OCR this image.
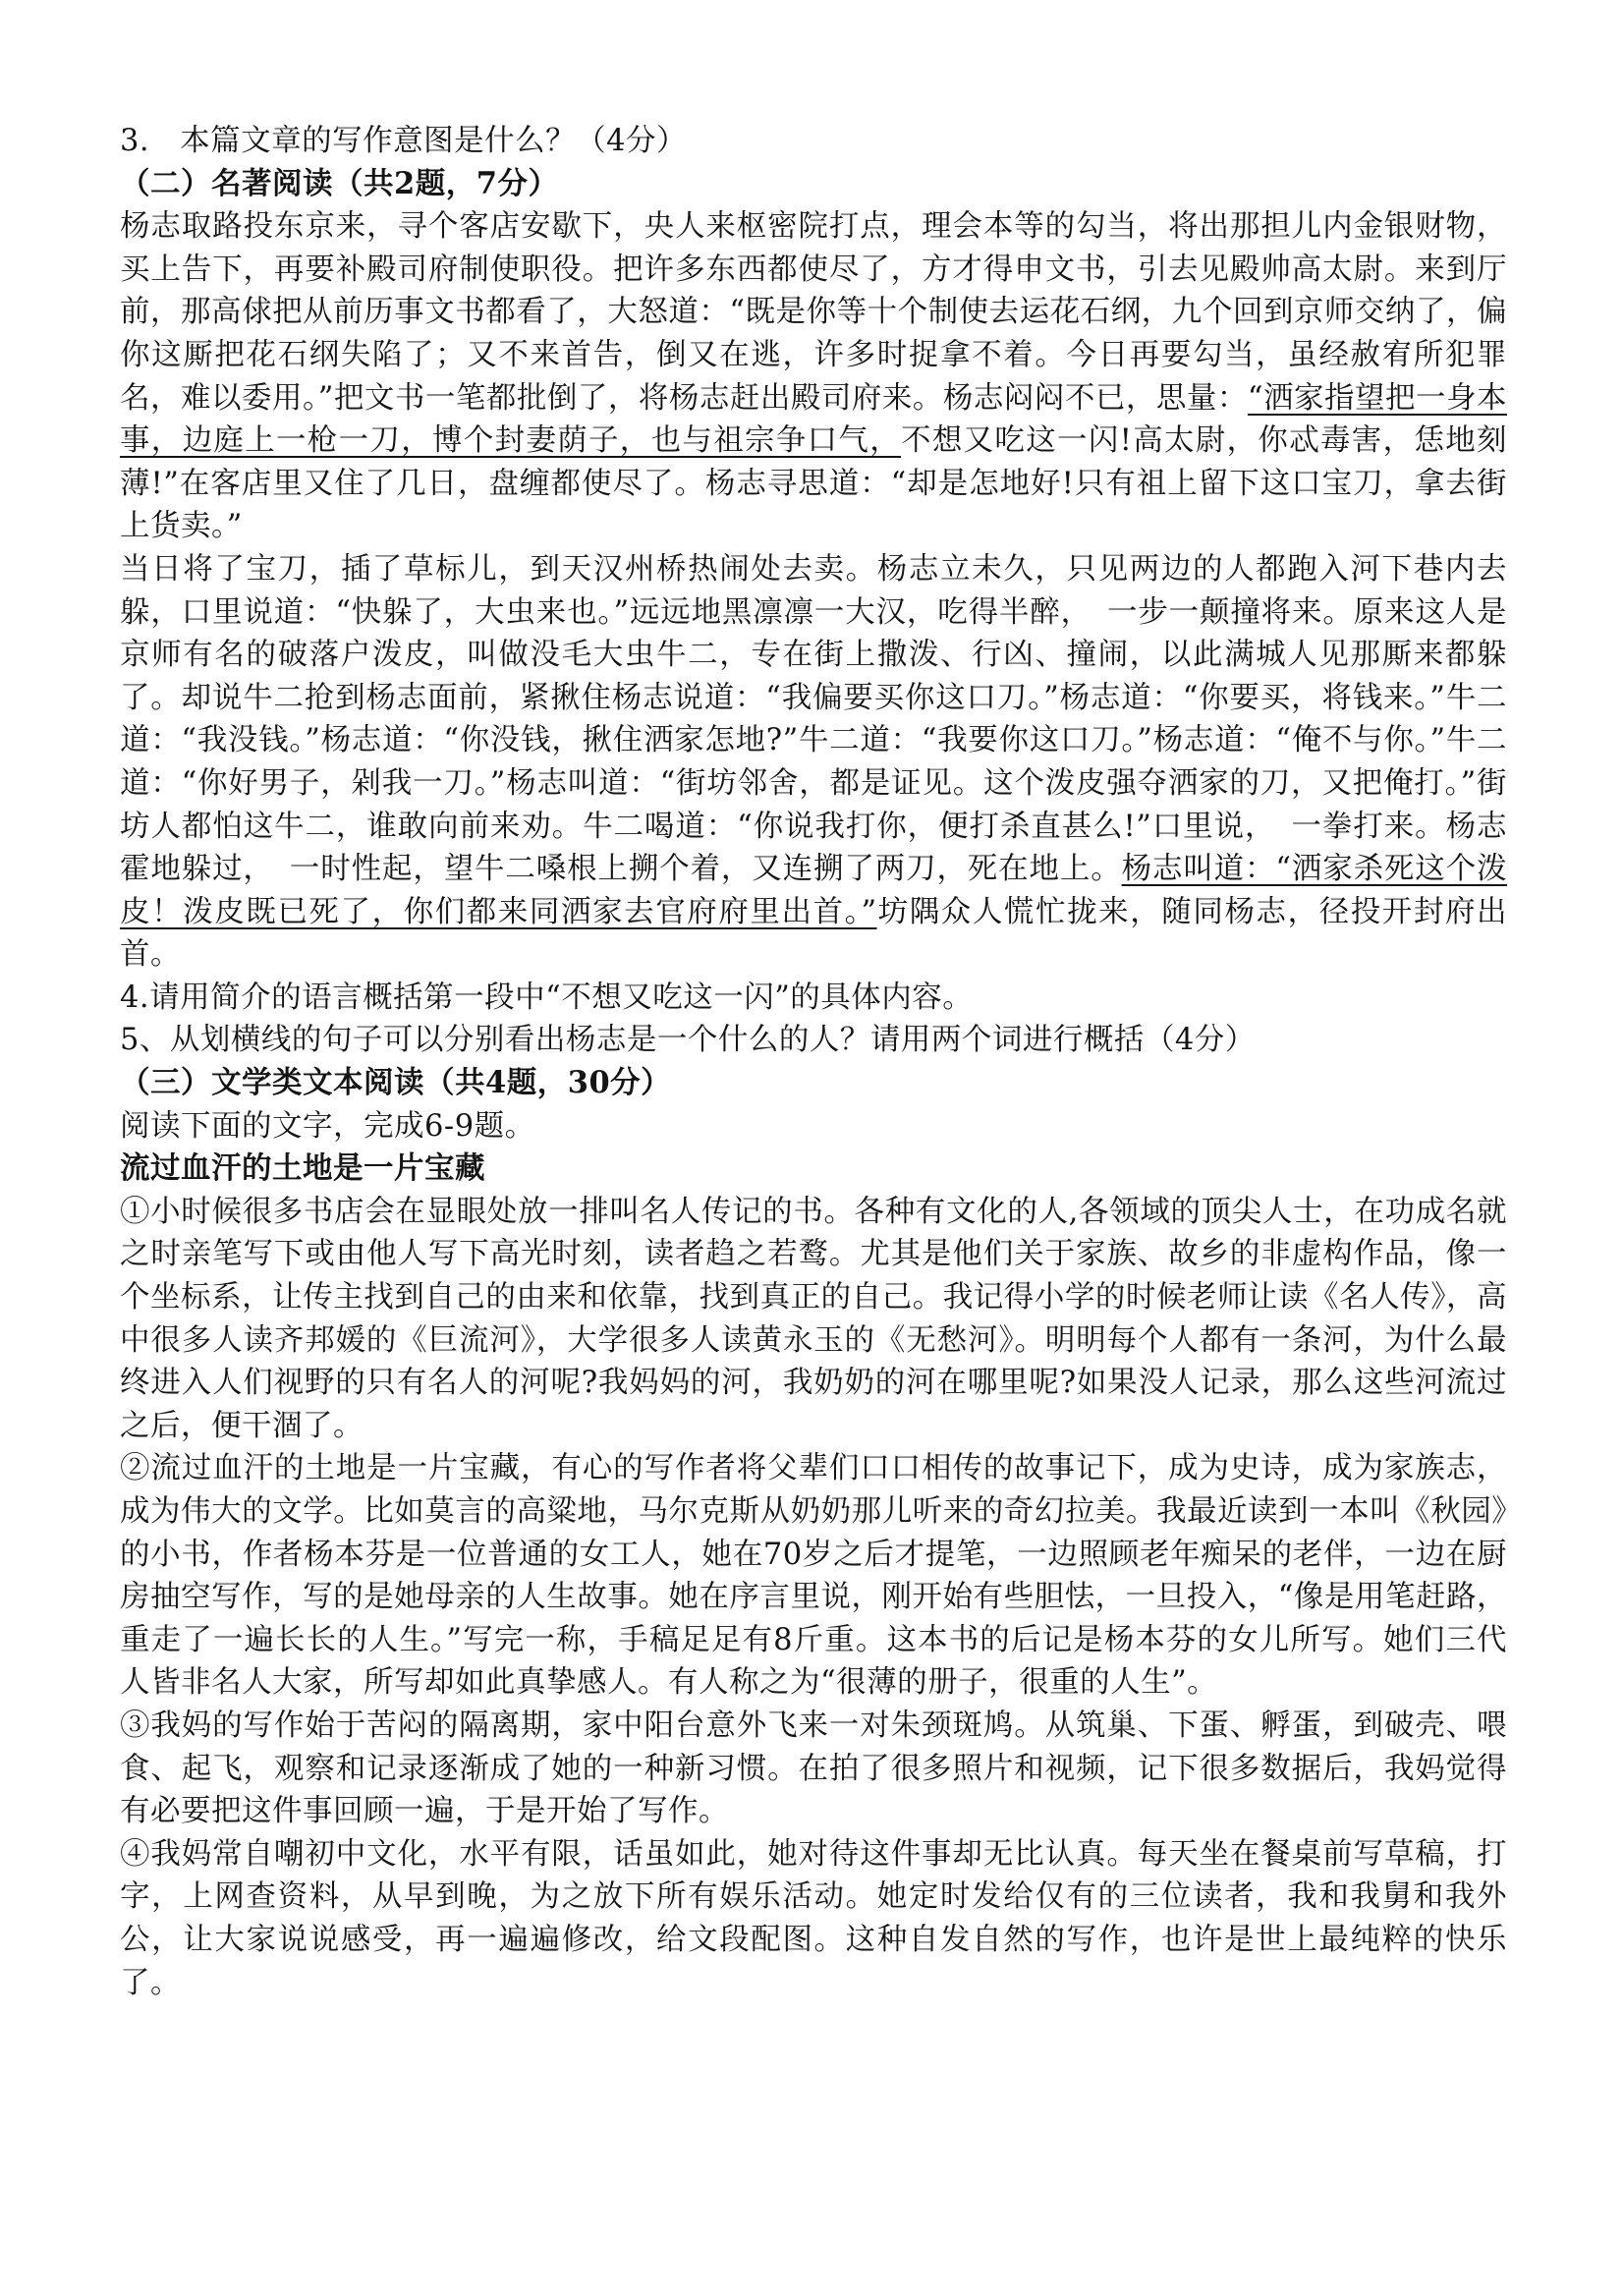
3.　本篇文章的写作意图是什么？（4分）

（二）名著阅读（共2题，7分）

杨志取路投东京来，寻个客店安歇下，央人来枢密院打点，理会本等的勾当，将出那担儿内金银财物，买上告下，再要补殿司府制使职役。把许多东西都使尽了，方才得申文书，引去见殿帅高太尉。来到厅前，那高俅把从前历事文书都看了，大怒道：“既是你等十个制使去运花石纲，九个回到京师交纳了，偏你这厮把花石纲失陷了；又不来首告，倒又在逃，许多时捉拿不着。今日再要勾当，虽经赦宥所犯罪名，难以委用。”把文书一笔都批倒了，将杨志赶出殿司府来。杨志闷闷不已，思量：“洒家指望把一身本事，边庭上一枪一刀，博个封妻荫子，也与祖宗争口气，不想又吃这一闪!高太尉，你忒毒害，恁地刻薄!”在客店里又住了几日，盘缠都使尽了。杨志寻思道：“却是怎地好!只有祖上留下这口宝刀，拿去街上货卖。”

当日将了宝刀，插了草标儿，到天汉州桥热闹处去卖。杨志立未久，只见两边的人都跑入河下巷内去躲，口里说道：“快躲了，大虫来也。”远远地黑凛凛一大汉，吃得半醉，　一步一颠撞将来。原来这人是京师有名的破落户泼皮，叫做没毛大虫牛二，专在街上撒泼、行凶、撞闹，以此满城人见那厮来都躲了。却说牛二抢到杨志面前，紧揪住杨志说道：“我偏要买你这口刀。”杨志道：“你要买，将钱来。”牛二道：“我没钱。”杨志道：“你没钱，揪住洒家怎地?”牛二道：“我要你这口刀。”杨志道：“俺不与你。”牛二道：“你好男子，剁我一刀。”杨志叫道：“街坊邻舍，都是证见。这个泼皮强夺洒家的刀，又把俺打。”街坊人都怕这牛二，谁敢向前来劝。牛二喝道：“你说我打你，便打杀直甚么!”口里说，　一拳打来。杨志霍地躲过，　一时性起，望牛二嗓根上搠个着，又连搠了两刀，死在地上。杨志叫道：“洒家杀死这个泼皮！泼皮既已死了，你们都来同洒家去官府府里出首。”坊隅众人慌忙拢来，随同杨志，径投开封府出首。

4.请用简介的语言概括第一段中“不想又吃这一闪”的具体内容。

5、从划横线的句子可以分别看出杨志是一个什么的人？请用两个词进行概括（4分）

（三）文学类文本阅读（共4题，30分）

阅读下面的文字，完成6-9题。

流过血汗的土地是一片宝藏

①小时候很多书店会在显眼处放一排叫名人传记的书。各种有文化的人,各领域的顶尖人士，在功成名就之时亲笔写下或由他人写下高光时刻，读者趋之若鹜。尤其是他们关于家族、故乡的非虚构作品，像一个坐标系，让传主找到自己的由来和依靠，找到真正的自己。我记得小学的时候老师让读《名人传》，高中很多人读齐邦媛的《巨流河》，大学很多人读黄永玉的《无愁河》。明明每个人都有一条河，为什么最终进入人们视野的只有名人的河呢?我妈妈的河，我奶奶的河在哪里呢?如果没人记录，那么这些河流过之后，便干涸了。

②流过血汗的土地是一片宝藏，有心的写作者将父辈们口口相传的故事记下，成为史诗，成为家族志，成为伟大的文学。比如莫言的高粱地，马尔克斯从奶奶那儿听来的奇幻拉美。我最近读到一本叫《秋园》的小书，作者杨本芬是一位普通的女工人，她在70岁之后才提笔，一边照顾老年痴呆的老伴，一边在厨房抽空写作，写的是她母亲的人生故事。她在序言里说，刚开始有些胆怯，一旦投入，“像是用笔赶路，重走了一遍长长的人生。”写完一称，手稿足足有8斤重。这本书的后记是杨本芬的女儿所写。她们三代人皆非名人大家，所写却如此真挚感人。有人称之为“很薄的册子，很重的人生”。

③我妈的写作始于苦闷的隔离期，家中阳台意外飞来一对朱颈斑鸠。从筑巢、下蛋、孵蛋，到破壳、喂食、起飞，观察和记录逐渐成了她的一种新习惯。在拍了很多照片和视频，记下很多数据后，我妈觉得有必要把这件事回顾一遍，于是开始了写作。

④我妈常自嘲初中文化，水平有限，话虽如此，她对待这件事却无比认真。每天坐在餐桌前写草稿，打字，上网查资料，从早到晚，为之放下所有娱乐活动。她定时发给仅有的三位读者，我和我舅和我外公，让大家说说感受，再一遍遍修改，给文段配图。这种自发自然的写作，也许是世上最纯粹的快乐了。
